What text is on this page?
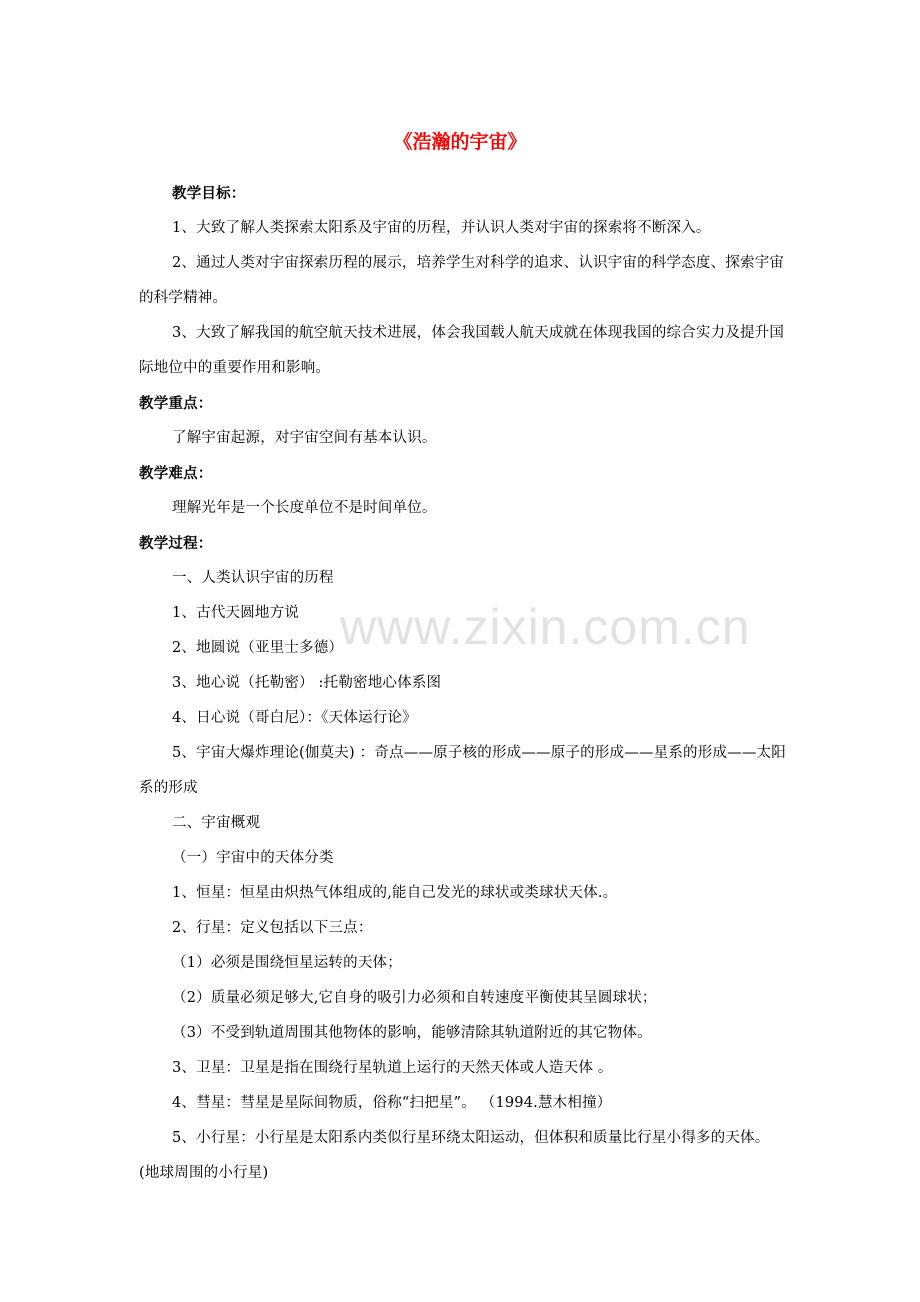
《浩瀚的宇宙》
www.zixin.com.cn

教学目标：

1、大致了解人类探索太阳系及宇宙的历程，并认识人类对宇宙的探索将不断深入。

2、通过人类对宇宙探索历程的展示，培养学生对科学的追求、认识宇宙的科学态度、探索宇宙的科学精神。

3、大致了解我国的航空航天技术进展，体会我国载人航天成就在体现我国的综合实力及提升国际地位中的重要作用和影响。

教学重点：

了解宇宙起源，对宇宙空间有基本认识。

教学难点：

理解光年是一个长度单位不是时间单位。

教学过程：

一、人类认识宇宙的历程

1、古代天圆地方说

2、地圆说（亚里士多德）

3、地心说（托勒密） :托勒密地心体系图

4、日心说（哥白尼）：《天体运行论》

5、宇宙大爆炸理论(伽莫夫) ：奇点——原子核的形成——原子的形成——星系的形成——太阳系的形成

二、宇宙概观

（一）宇宙中的天体分类

1、恒星：恒星由炽热气体组成的,能自己发光的球状或类球状天体.。

2、行星：定义包括以下三点：

（1）必须是围绕恒星运转的天体；

（2）质量必须足够大,它自身的吸引力必须和自转速度平衡使其呈圆球状；

（3）不受到轨道周围其他物体的影响，能够清除其轨道附近的其它物体。

3、卫星：卫星是指在围绕行星轨道上运行的天然天体或人造天体 。

4、彗星：彗星是星际间物质，俗称“扫把星”。 （1994.慧木相撞）

5、小行星：小行星是太阳系内类似行星环绕太阳运动，但体积和质量比行星小得多的天体。(地球周围的小行星)
